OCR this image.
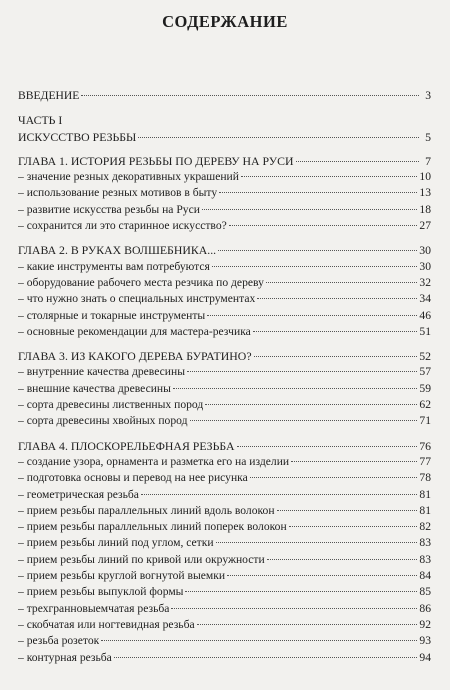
СОДЕРЖАНИЕ
ВВЕДЕНИЕ	3
ЧАСТЬ I
ИСКУССТВО РЕЗЬБЫ	5
ГЛАВА 1. ИСТОРИЯ РЕЗЬБЫ ПО ДЕРЕВУ НА РУСИ	7
– значение резных декоративных украшений	10
– использование резных мотивов в быту	13
– развитие искусства резьбы на Руси	18
– сохранится ли это старинное искусство?	27
ГЛАВА 2. В РУКАХ ВОЛШЕБНИКА...	30
– какие инструменты вам потребуются	30
– оборудование рабочего места резчика по дереву	32
– что нужно знать о специальных инструментах	34
– столярные и токарные инструменты	46
– основные рекомендации для мастера-резчика	51
ГЛАВА 3. ИЗ КАКОГО ДЕРЕВА БУРАТИНО?	52
– внутренние качества древесины	57
– внешние качества древесины	59
– сорта древесины лиственных пород	62
– сорта древесины хвойных пород	71
ГЛАВА 4. ПЛОСКОРЕЛЬЕФНАЯ РЕЗЬБА	76
– создание узора, орнамента и разметка его на изделии	77
– подготовка основы и перевод на нее рисунка	78
– геометрическая резьба	81
– прием резьбы параллельных линий вдоль волокон	81
– прием резьбы параллельных линий поперек волокон	82
– прием резьбы линий под углом, сетки	83
– прием резьбы линий по кривой или окружности	83
– прием резьбы круглой вогнутой выемки	84
– прием резьбы выпуклой формы	85
– трехгранновыемчатая резьба	86
– скобчатая или ногтевидная резьба	92
– резьба розеток	93
– контурная резьба	94
